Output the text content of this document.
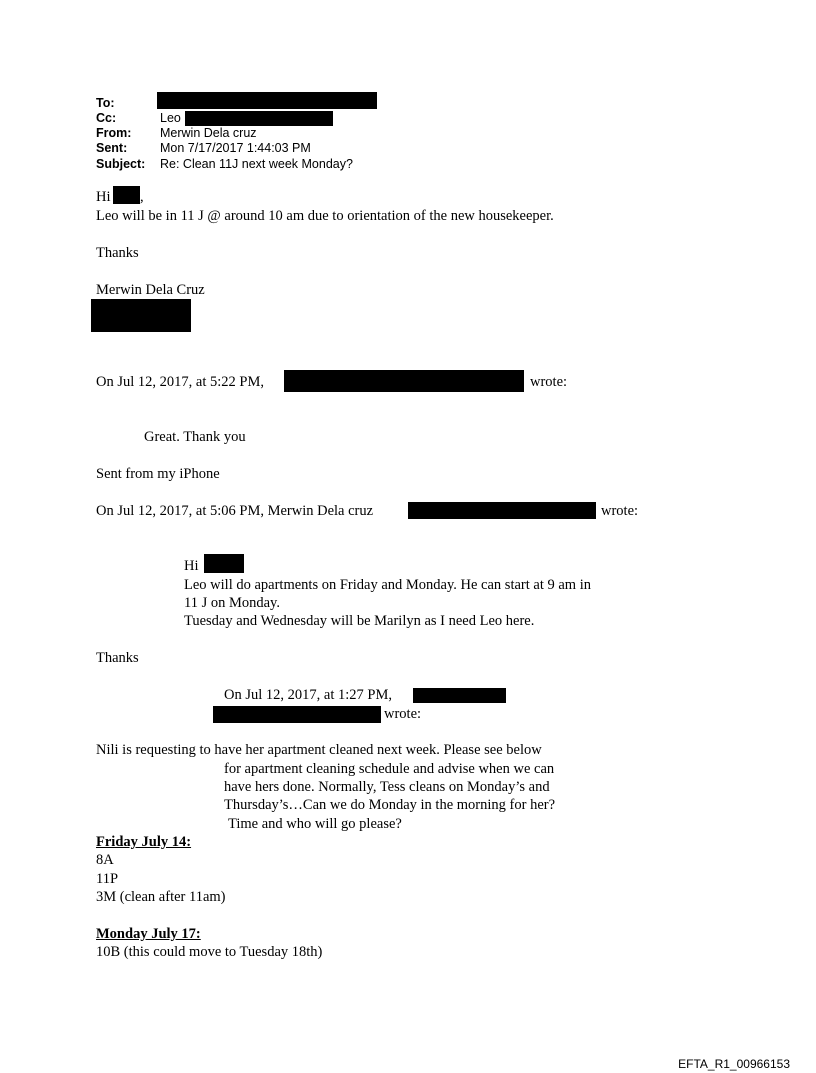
To:
Cc:	Leo
From: Merwin Dela cruz
Sent:	Mon 7/17/2017 1:44:03 PM
Subject: Re: Clean 11J next week Monday?
Hi ,
Leo will be in 11 J @ around 10 am due to orientation of the new housekeeper.
Thanks
Merwin Dela Cruz
On Jul 12, 2017, at 5:22 PM,	wrote:
Great. Thank you
Sent from my iPhone
On Jul 12, 2017, at 5:06 PM, Merwin Dela cruz	wrote:
Hi
Leo will do apartments on Friday and Monday. He can start at 9 am in
11 J on Monday.
Tuesday and Wednesday will be Marilyn as I need Leo here.
Thanks
On Jul 12, 2017, at 1:27 PM,
wrote:
Nili is requesting to have her apartment cleaned next week. Please see below
for apartment cleaning schedule and advise when we can
have hers done. Normally, Tess cleans on Monday’s and
Thursday’s…Can we do Monday in the morning for her?
Time and who will go please?
Friday July 14:
8A
11P
3M (clean after 11am)
Monday July 17:
10B (this could move to Tuesday 18th)
EFTA_R1_00966153
